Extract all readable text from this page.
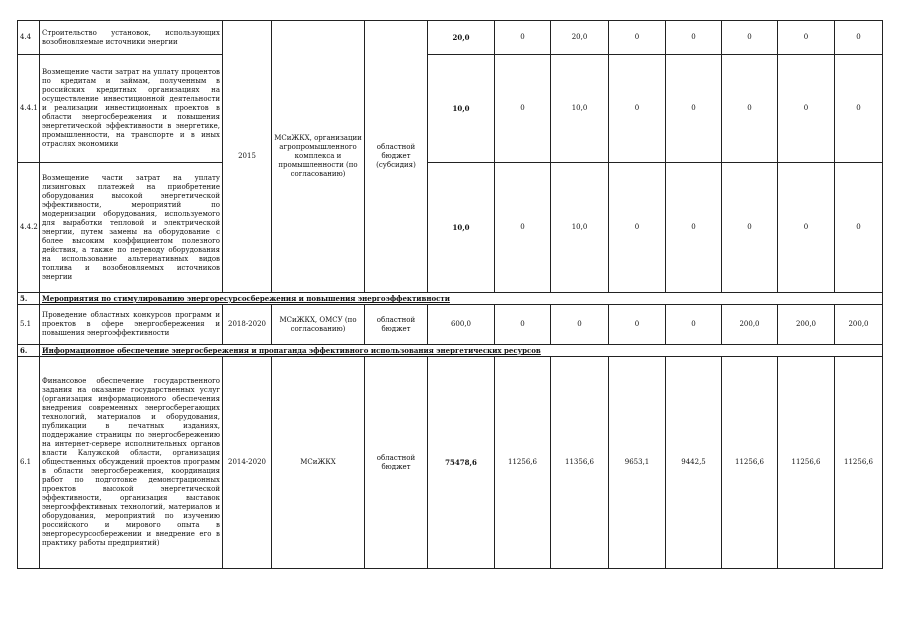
4.4	Строительство установок, использующих возобновляемые источники энергии	2015	МСиЖКХ, организации агропромышленного комплекса и промышленности (по согласованию)	областной бюджет (субсидия)	20,0	0	20,0	0	0	0	0	0
4.4.1	Возмещение части затрат на уплату процентов по кредитам и займам, полученным в российских кредитных организациях на осуществление инвестиционной деятельности и реализации инвестиционных проектов в области энергосбережения и повышения энергетической эффективности в энергетике, промышленности, на транспорте и в иных отраслях экономики				10,0	0	10,0	0	0	0	0	0
4.4.2	Возмещение части затрат на уплату лизинговых платежей на приобретение оборудования высокой энергетической эффективности, мероприятий по модернизации оборудования, используемого для выработки тепловой и электрической энергии, путем замены на оборудование с более высоким коэффициентом полезного действия, а также по переводу оборудования на использование альтернативных видов топлива и возобновляемых источников энергии				10,0	0	10,0	0	0	0	0	0
5.	Мероприятия по стимулированию энергоресурсосбережения и повышения энергоэффективности											
5.1	Проведение областных конкурсов программ и проектов в сфере энергосбережения и повышения энергоэффективности	2018-2020	МСиЖКХ, ОМСУ (по согласованию)	областной бюджет	600,0	0	0	0	0	200,0	200,0	200,0
6.	Информационное обеспечение энергосбережения и пропаганда эффективного использования энергетических ресурсов											
6.1	Финансовое обеспечение государственного задания на оказание государственных услуг (организация информационного обеспечения внедрения современных энергосберегающих технологий, материалов и оборудования, публикации в печатных изданиях, поддержание страницы по энергосбережению на интернет-сервере исполнительных органов власти Калужской области, организация общественных обсуждений проектов программ в области энергосбережения, координация работ по подготовке демонстрационных проектов высокой энергетической эффективности, организация выставок энергоэффективных технологий, материалов и оборудования, мероприятий по изучению российского и мирового опыта в энергоресурсосбережении и внедрение его в практику работы предприятий)	2014-2020	МСиЖКХ	областной бюджет	75478,6	11256,6	11356,6	9653,1	9442,5	11256,6	11256,6	11256,6
